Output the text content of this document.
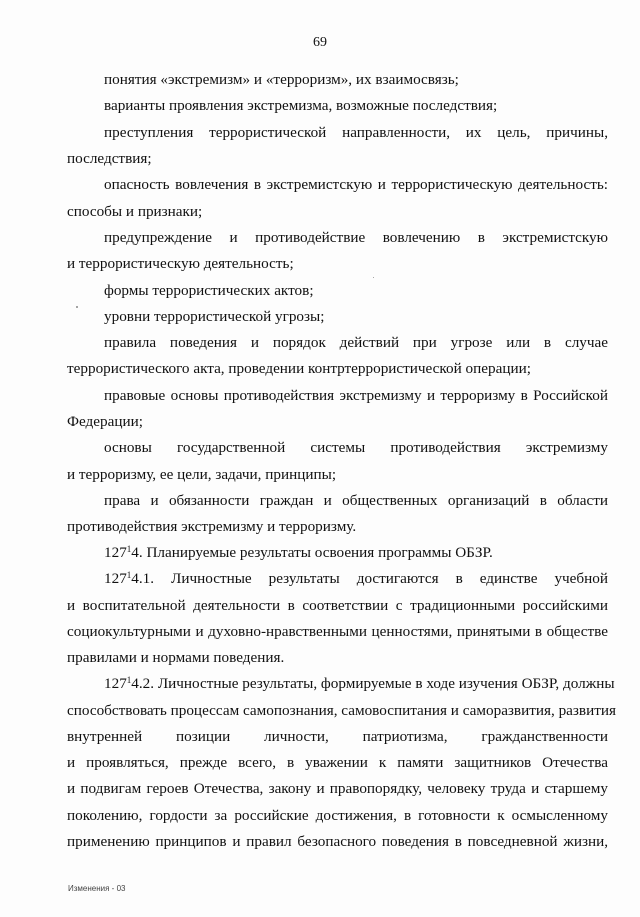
69

понятия «экстремизм» и «терроризм», их взаимосвязь;

варианты проявления экстремизма, возможные последствия;

преступления террористической направленности, их цель, причины,

последствия;

опасность вовлечения в экстремистскую и террористическую деятельность:

способы и признаки;

предупреждение и противодействие вовлечению в экстремистскую

и террористическую деятельность;

формы террористических актов;

уровни террористической угрозы;

правила поведения и порядок действий при угрозе или в случае

террористического акта, проведении контртеррористической операции;

правовые основы противодействия экстремизму и терроризму в Российской

Федерации;

основы государственной системы противодействия экстремизму

и терроризму, ее цели, задачи, принципы;

права и обязанности граждан и общественных организаций в области

противодействия экстремизму и терроризму.

$127^14$. Планируемые результаты освоения программы ОБЗР.

$127^1$ 4.1. Личностные результаты достигаются в единстве учебной

и воспитательной деятельности в соответствии с традиционными российскими

социокультурными и духовно-нравственными ценностями, принятыми в обществе

правилами и нормами поведения.

$127^1$ 4.2. Личностные результаты, формируемые в ходе изучения ОБЗР, должны

способствовать процессам самопознания, самовоспитания и саморазвития, развития

внутренней позиции личности, патриотизма, гражданственности

и проявляться, прежде всего, в уважении к памяти защитников Отечества

и подвигам героев Отечества, закону и правопорядку, человеку труда и старшему

поколению, гордости за российские достижения, в готовности к осмысленному

применению принципов и правил безопасного поведения в повседневной жизни,

Изменения - 03
